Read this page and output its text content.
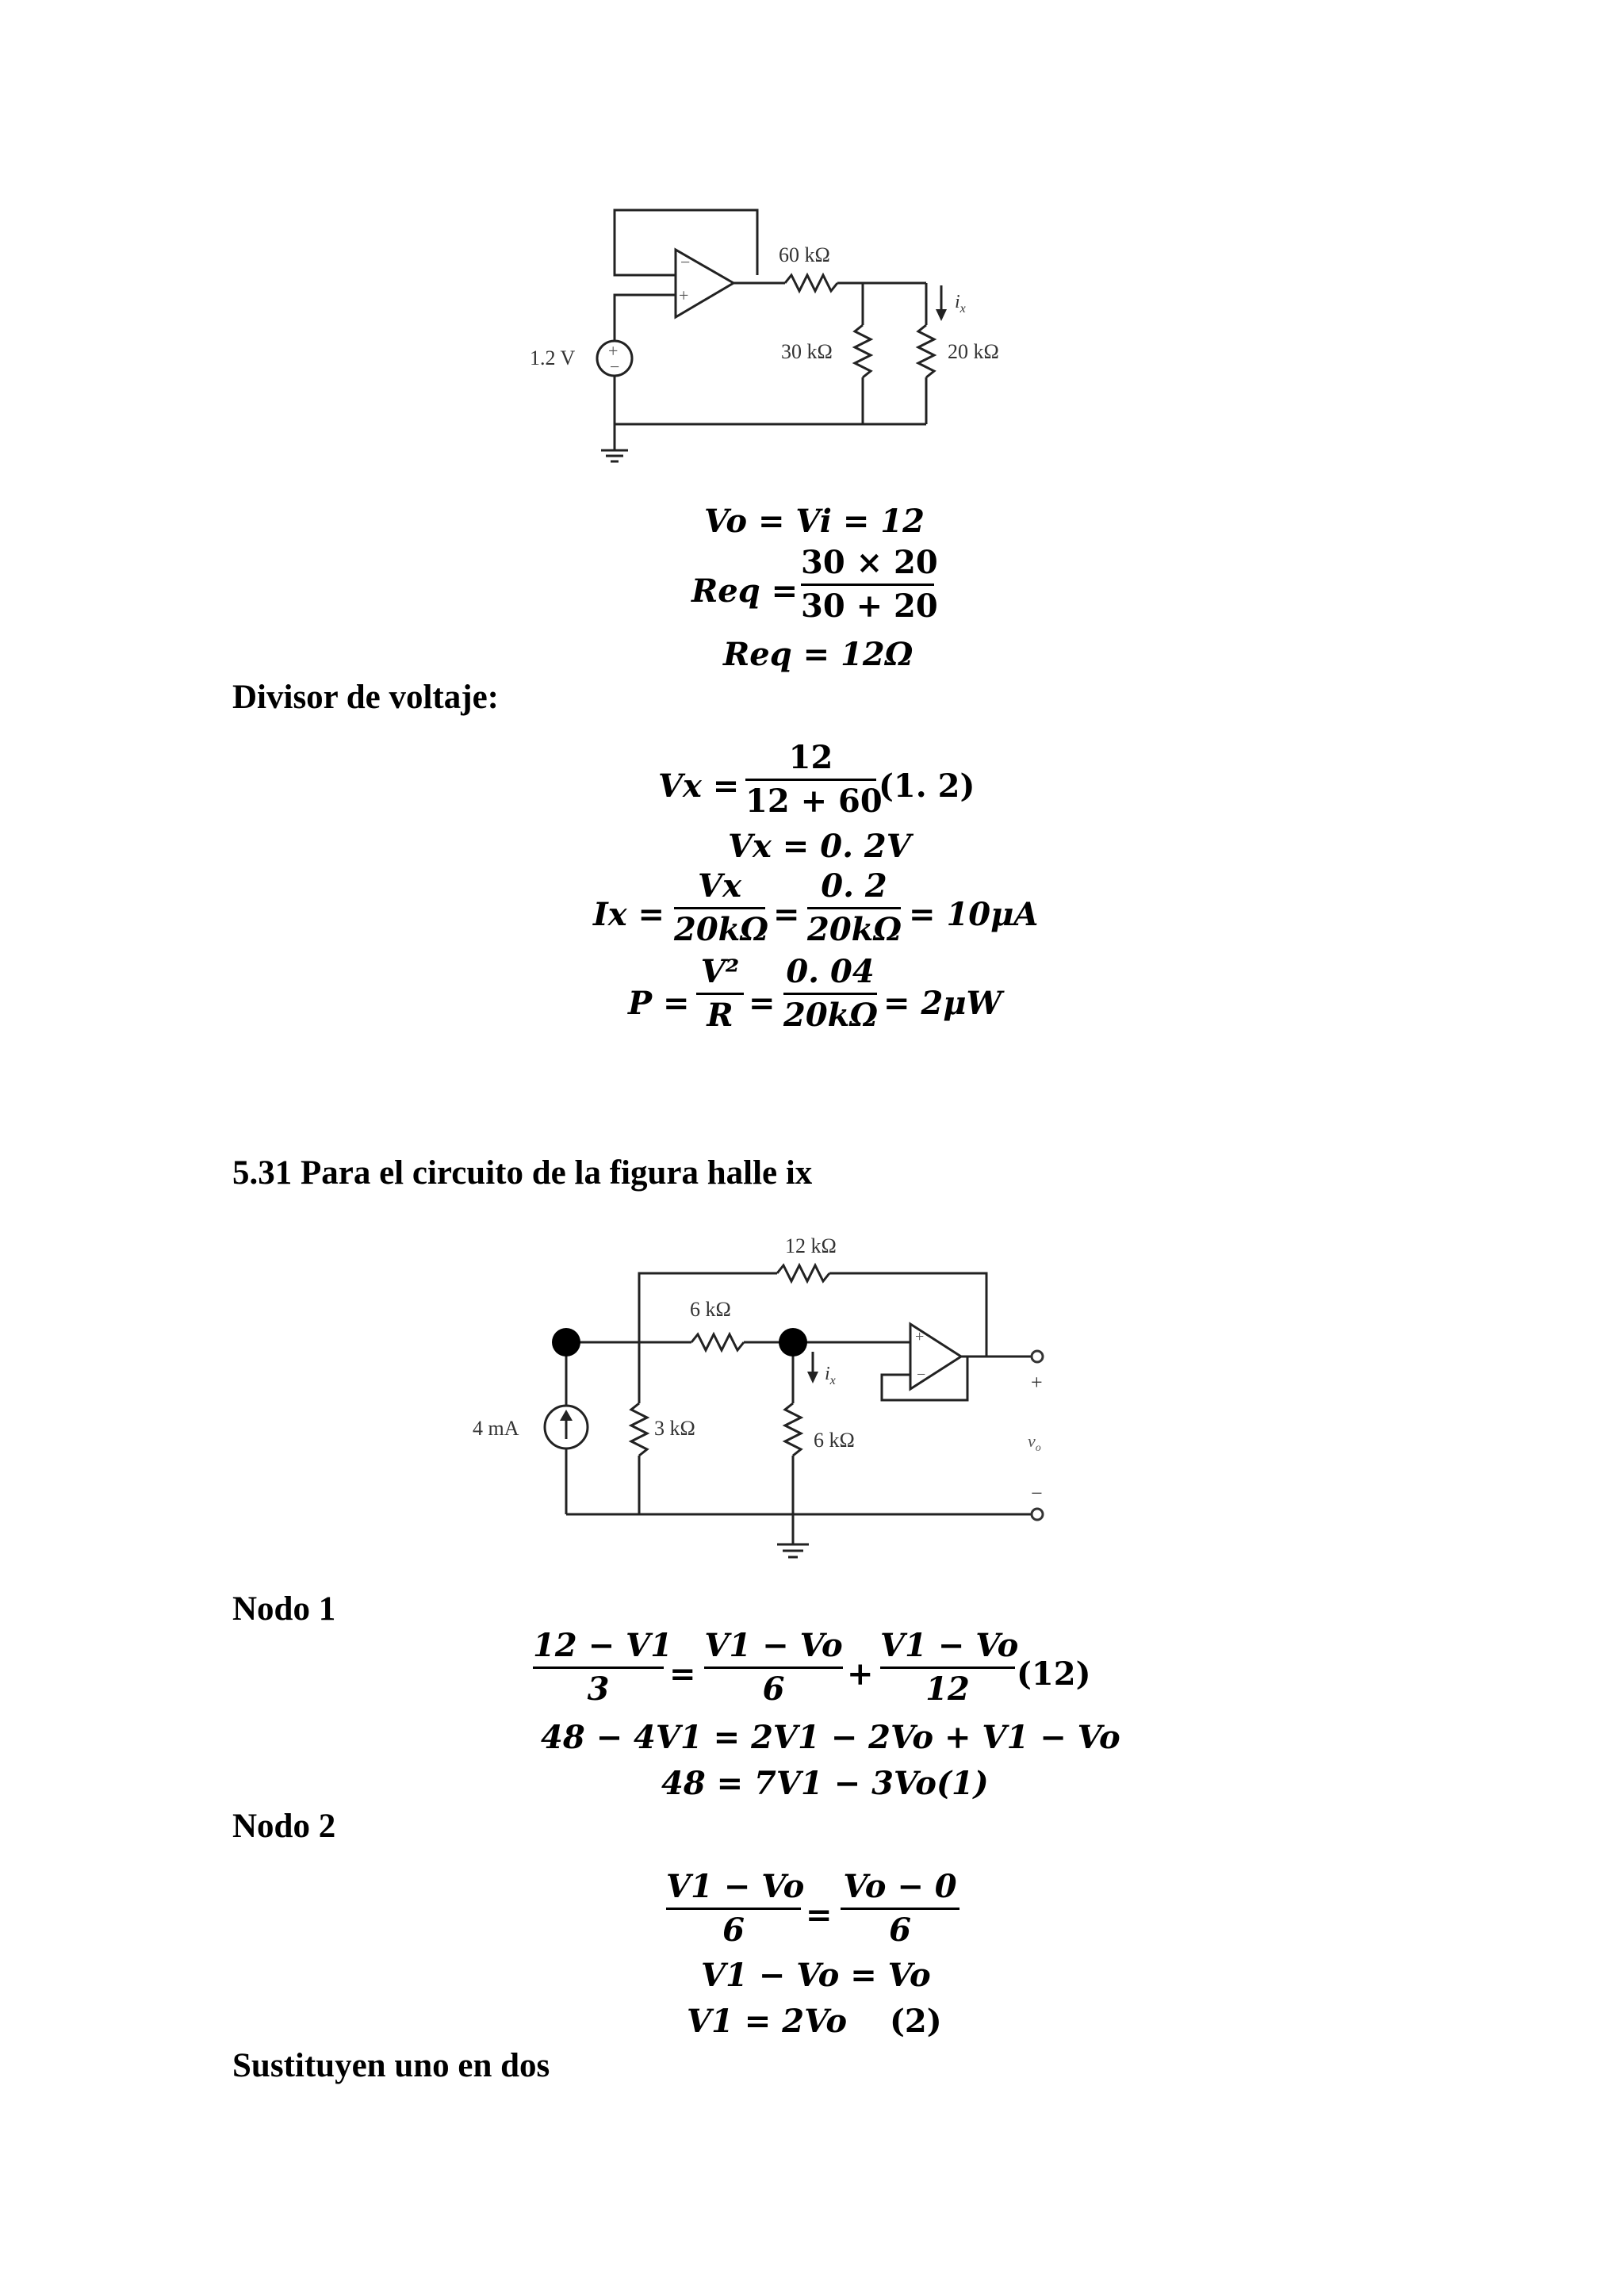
−
+
+
−
60 kΩ
30 kΩ	20 kΩ
1.2 V
$i_x$
Vo = Vi = 12
Req =
30 × 20
30 + 20
Req = 12Ω
Divisor de voltaje:
Vx =
12
12 + 60
(1. 2)
Vx = 0. 2V
Ix =
Vx
20kΩ =
0. 2
20kΩ = 10μA
P =
V²
R =
0. 04
20kΩ = 2μW
5.31 Para el circuito de la figura halle ix
+
−
12 kΩ
6 kΩ
3 kΩ
6 kΩ
4 mA
$i_x$	+
−
$v_o$
Nodo 1
12 − V1
3	=
V1 − Vo
6	+
V1 − Vo
12	(12)
48 − 4V1 = 2V1 − 2Vo + V1 − Vo
48 = 7V1 − 3Vo(1)
Nodo 2
V1 − Vo
6	=
Vo − 0
6
V1 − Vo = Vo
V1 = 2Vo (2)
Sustituyen uno en dos
